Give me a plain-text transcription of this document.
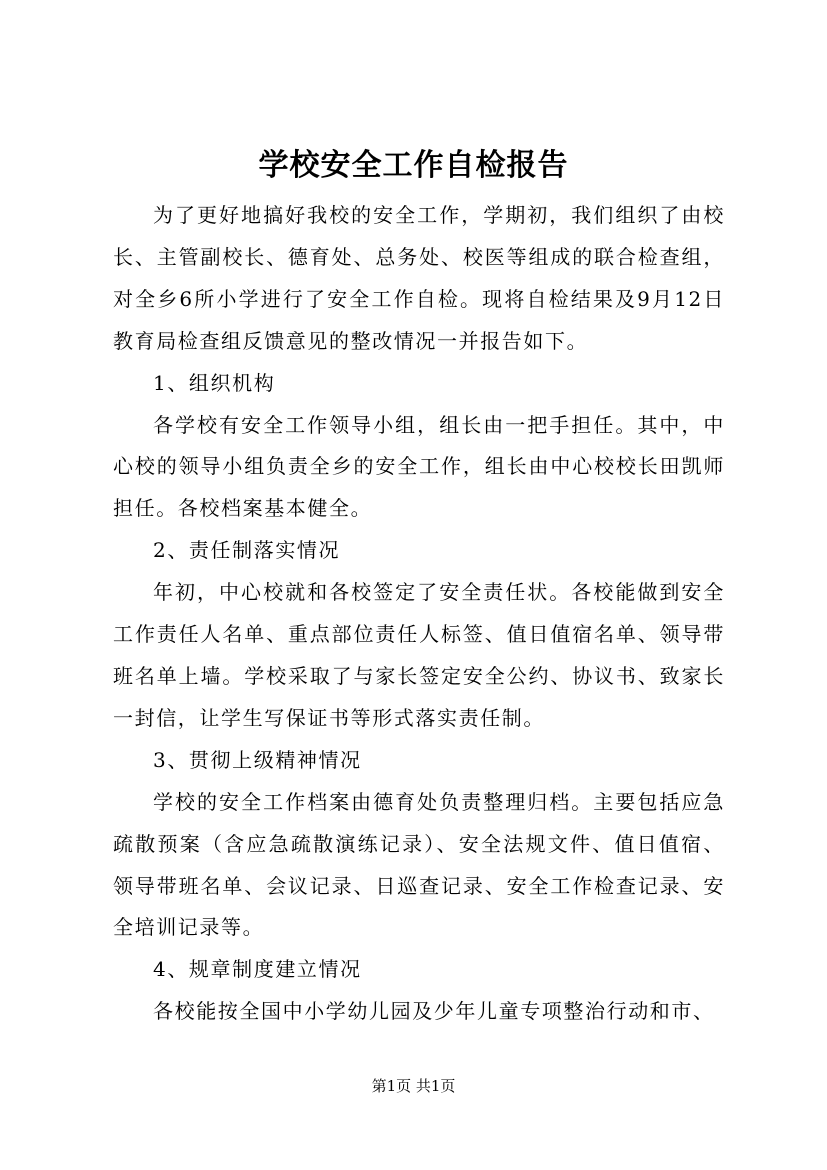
学校安全工作自检报告

为了更好地搞好我校的安全工作，学期初，我们组织了由校长、主管副校长、德育处、总务处、校医等组成的联合检查组，对全乡6所小学进行了安全工作自检。现将自检结果及9月12日教育局检查组反馈意见的整改情况一并报告如下。

1、组织机构

各学校有安全工作领导小组，组长由一把手担任。其中，中心校的领导小组负责全乡的安全工作，组长由中心校校长田凯师担任。各校档案基本健全。

2、责任制落实情况

年初，中心校就和各校签定了安全责任状。各校能做到安全工作责任人名单、重点部位责任人标签、值日值宿名单、领导带班名单上墙。学校采取了与家长签定安全公约、协议书、致家长一封信，让学生写保证书等形式落实责任制。

3、贯彻上级精神情况

学校的安全工作档案由德育处负责整理归档。主要包括应急疏散预案（含应急疏散演练记录）、安全法规文件、值日值宿、领导带班名单、会议记录、日巡查记录、安全工作检查记录、安全培训记录等。

4、规章制度建立情况

各校能按全国中小学幼儿园及少年儿童专项整治行动和市、

第1页 共1页
